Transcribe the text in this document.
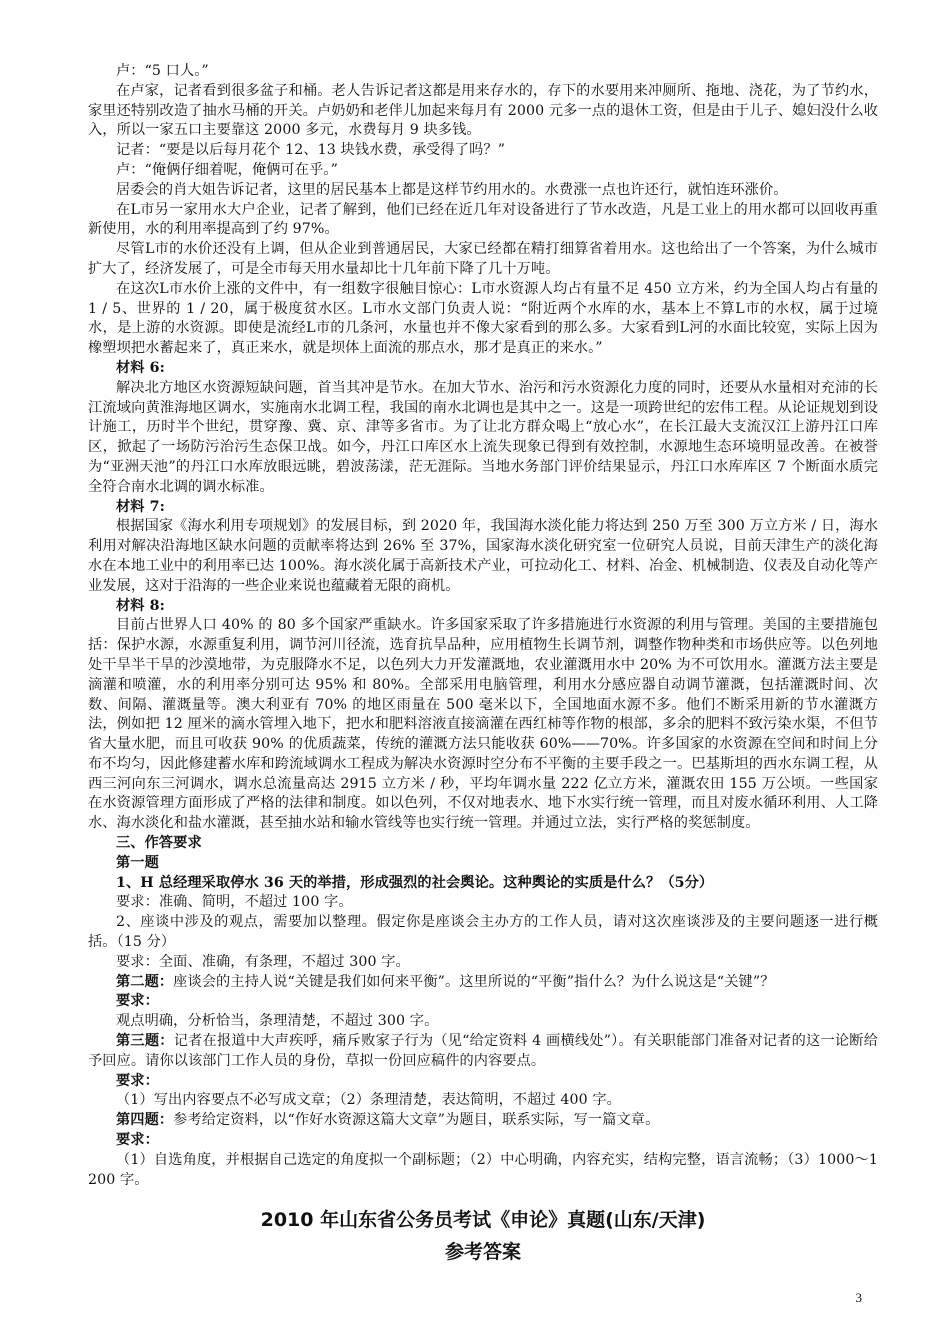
卢：“5 口人。”

在卢家，记者看到很多盆子和桶。老人告诉记者这都是用来存水的，存下的水要用来冲厕所、拖地、浇花，为了节约水，家里还特别改造了抽水马桶的开关。卢奶奶和老伴儿加起来每月有 2000 元多一点的退休工资，但是由于儿子、媳妇没什么收入，所以一家五口主要靠这 2000 多元，水费每月 9 块多钱。

记者：“要是以后每月花个 12、13 块钱水费，承受得了吗？”

卢：“俺俩仔细着呢，俺俩可在乎。”

居委会的肖大姐告诉记者，这里的居民基本上都是这样节约用水的。水费涨一点也许还行，就怕连环涨价。

在L市另一家用水大户企业，记者了解到，他们已经在近几年对设备进行了节水改造，凡是工业上的用水都可以回收再重新使用，水的利用率提高到了约 97%。

尽管L市的水价还没有上调，但从企业到普通居民，大家已经都在精打细算省着用水。这也给出了一个答案，为什么城市扩大了，经济发展了，可是全市每天用水量却比十几年前下降了几十万吨。

在这次L市水价上涨的文件中，有一组数字很触目惊心：L市水资源人均占有量不足 450 立方米，约为全国人均占有量的 1 / 5、世界的 1 / 20，属于极度贫水区。L市水文部门负责人说：“附近两个水库的水，基本上不算L市的水权，属于过境水，是上游的水资源。即使是流经L市的几条河，水量也并不像大家看到的那么多。大家看到L河的水面比较宽，实际上因为橡塑坝把水蓄起来了，真正来水，就是坝体上面流的那点水，那才是真正的来水。”

材料 6:

解决北方地区水资源短缺问题，首当其冲是节水。在加大节水、治污和污水资源化力度的同时，还要从水量相对充沛的长江流域向黄淮海地区调水，实施南水北调工程，我国的南水北调也是其中之一。这是一项跨世纪的宏伟工程。从论证规划到设计施工，历时半个世纪，贯穿豫、冀、京、津等多省市。为了让北方群众喝上“放心水”，在长江最大支流汉江上游丹江口库区，掀起了一场防污治污生态保卫战。如今，丹江口库区水上流失现象已得到有效控制，水源地生态环境明显改善。在被誉为“亚洲天池”的丹江口水库放眼远眺，碧波荡漾，茫无涯际。当地水务部门评价结果显示，丹江口水库库区 7 个断面水质完全符合南水北调的调水标准。

材料 7:

根据国家《海水利用专项规划》的发展目标，到 2020 年，我国海水淡化能力将达到 250 万至 300 万立方米 / 日，海水利用对解决沿海地区缺水问题的贡献率将达到 26% 至 37%，国家海水淡化研究室一位研究人员说，目前天津生产的淡化海水在本地工业中的利用率已达 100%。海水淡化属于高新技术产业，可拉动化工、材料、冶金、机械制造、仪表及自动化等产业发展，这对于沿海的一些企业来说也蕴藏着无限的商机。

材料 8:

目前占世界人口 40% 的 80 多个国家严重缺水。许多国家采取了许多措施进行水资源的利用与管理。美国的主要措施包括：保护水源，水源重复利用，调节河川径流，选育抗旱品种，应用植物生长调节剂，调整作物种类和市场供应等。以色列地处干旱半干旱的沙漠地带，为克服降水不足，以色列大力开发灌溉地，农业灌溉用水中 20% 为不可饮用水。灌溉方法主要是滴灌和喷灌，水的利用率分别可达 95% 和 80%。全部采用电脑管理，利用水分感应器自动调节灌溉，包括灌溉时间、次数、间隔、灌溉量等。澳大利亚有 70% 的地区雨量在 500 毫米以下，全国地面水源不多。他们不断采用新的节水灌溉方法，例如把 12 厘米的滴水管埋入地下，把水和肥料溶液直接滴灌在西红柿等作物的根部，多余的肥料不致污染水渠，不但节省大量水肥，而且可收获 90% 的优质蔬菜，传统的灌溉方法只能收获 60%——70%。许多国家的水资源在空间和时间上分布不均匀，因此修建蓄水库和跨流域调水工程成为解决水资源时空分布不平衡的主要手段之一。巴基斯坦的西水东调工程，从西三河向东三河调水，调水总流量高达 2915 立方米 / 秒，平均年调水量 222 亿立方米，灌溉农田 155 万公顷。一些国家在水资源管理方面形成了严格的法律和制度。如以色列，不仅对地表水、地下水实行统一管理，而且对废水循环利用、人工降水、海水淡化和盐水灌溉，甚至抽水站和输水管线等也实行统一管理。并通过立法，实行严格的奖惩制度。

三、作答要求

第一题

1、H 总经理采取停水 36 天的举措，形成强烈的社会舆论。这种舆论的实质是什么？（5分）

要求：准确、简明，不超过 100 字。

2、座谈中涉及的观点，需要加以整理。假定你是座谈会主办方的工作人员，请对这次座谈涉及的主要问题逐一进行概括。（15 分）

要求：全面、准确，有条理，不超过 300 字。

第二题：座谈会的主持人说“关键是我们如何来平衡”。这里所说的“平衡”指什么？为什么说这是“关键”？

要求：

观点明确，分析恰当，条理清楚，不超过 300 字。

第三题：记者在报道中大声疾呼，痛斥败家子行为（见“给定资料 4 画横线处”）。有关职能部门准备对记者的这一论断给予回应。请你以该部门工作人员的身份，草拟一份回应稿件的内容要点。

要求：

（1）写出内容要点不必写成文章；（2）条理清楚，表达简明，不超过 400 字。

第四题：参考给定资料，以“作好水资源这篇大文章”为题目，联系实际，写一篇文章。

要求：

（1）自选角度，并根据自己选定的角度拟一个副标题；（2）中心明确，内容充实，结构完整，语言流畅；（3）1000～1200 字。

2010 年山东省公务员考试《申论》真题(山东/天津)
参考答案
3
